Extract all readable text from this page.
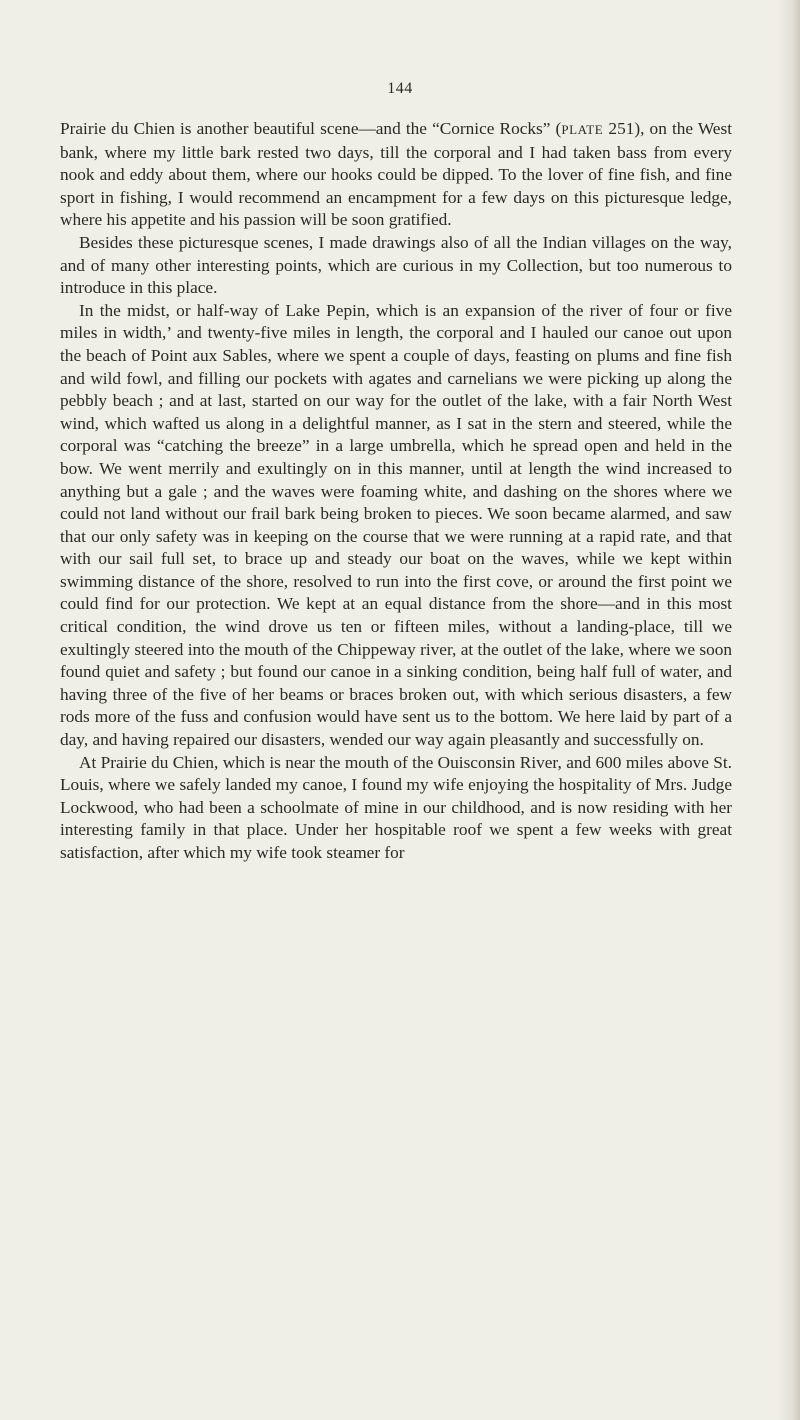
144

Prairie du Chien is another beautiful scene—and the “Cornice Rocks” (PLATE 251), on the West bank, where my little bark rested two days, till the corporal and I had taken bass from every nook and eddy about them, where our hooks could be dipped. To the lover of fine fish, and fine sport in fishing, I would recommend an encampment for a few days on this picturesque ledge, where his appetite and his passion will be soon gratified.

Besides these picturesque scenes, I made drawings also of all the Indian villages on the way, and of many other interesting points, which are curious in my Collection, but too numerous to introduce in this place.

In the midst, or half-way of Lake Pepin, which is an expansion of the river of four or five miles in width,’ and twenty-five miles in length, the corporal and I hauled our canoe out upon the beach of Point aux Sables, where we spent a couple of days, feasting on plums and fine fish and wild fowl, and filling our pockets with agates and carnelians we were picking up along the pebbly beach ; and at last, started on our way for the outlet of the lake, with a fair North West wind, which wafted us along in a delightful manner, as I sat in the stern and steered, while the corporal was “catching the breeze” in a large umbrella, which he spread open and held in the bow. We went merrily and exultingly on in this manner, until at length the wind increased to anything but a gale ; and the waves were foaming white, and dashing on the shores where we could not land without our frail bark being broken to pieces. We soon became alarmed, and saw that our only safety was in keeping on the course that we were running at a rapid rate, and that with our sail full set, to brace up and steady our boat on the waves, while we kept within swimming distance of the shore, resolved to run into the first cove, or around the first point we could find for our protection. We kept at an equal distance from the shore—and in this most critical condition, the wind drove us ten or fifteen miles, without a landing-place, till we exultingly steered into the mouth of the Chippeway river, at the outlet of the lake, where we soon found quiet and safety ; but found our canoe in a sinking condition, being half full of water, and having three of the five of her beams or braces broken out, with which serious disasters, a few rods more of the fuss and confusion would have sent us to the bottom. We here laid by part of a day, and having repaired our disasters, wended our way again pleasantly and successfully on.

At Prairie du Chien, which is near the mouth of the Ouisconsin River, and 600 miles above St. Louis, where we safely landed my canoe, I found my wife enjoying the hospitality of Mrs. Judge Lockwood, who had been a schoolmate of mine in our childhood, and is now residing with her interesting family in that place. Under her hospitable roof we spent a few weeks with great satisfaction, after which my wife took steamer for
